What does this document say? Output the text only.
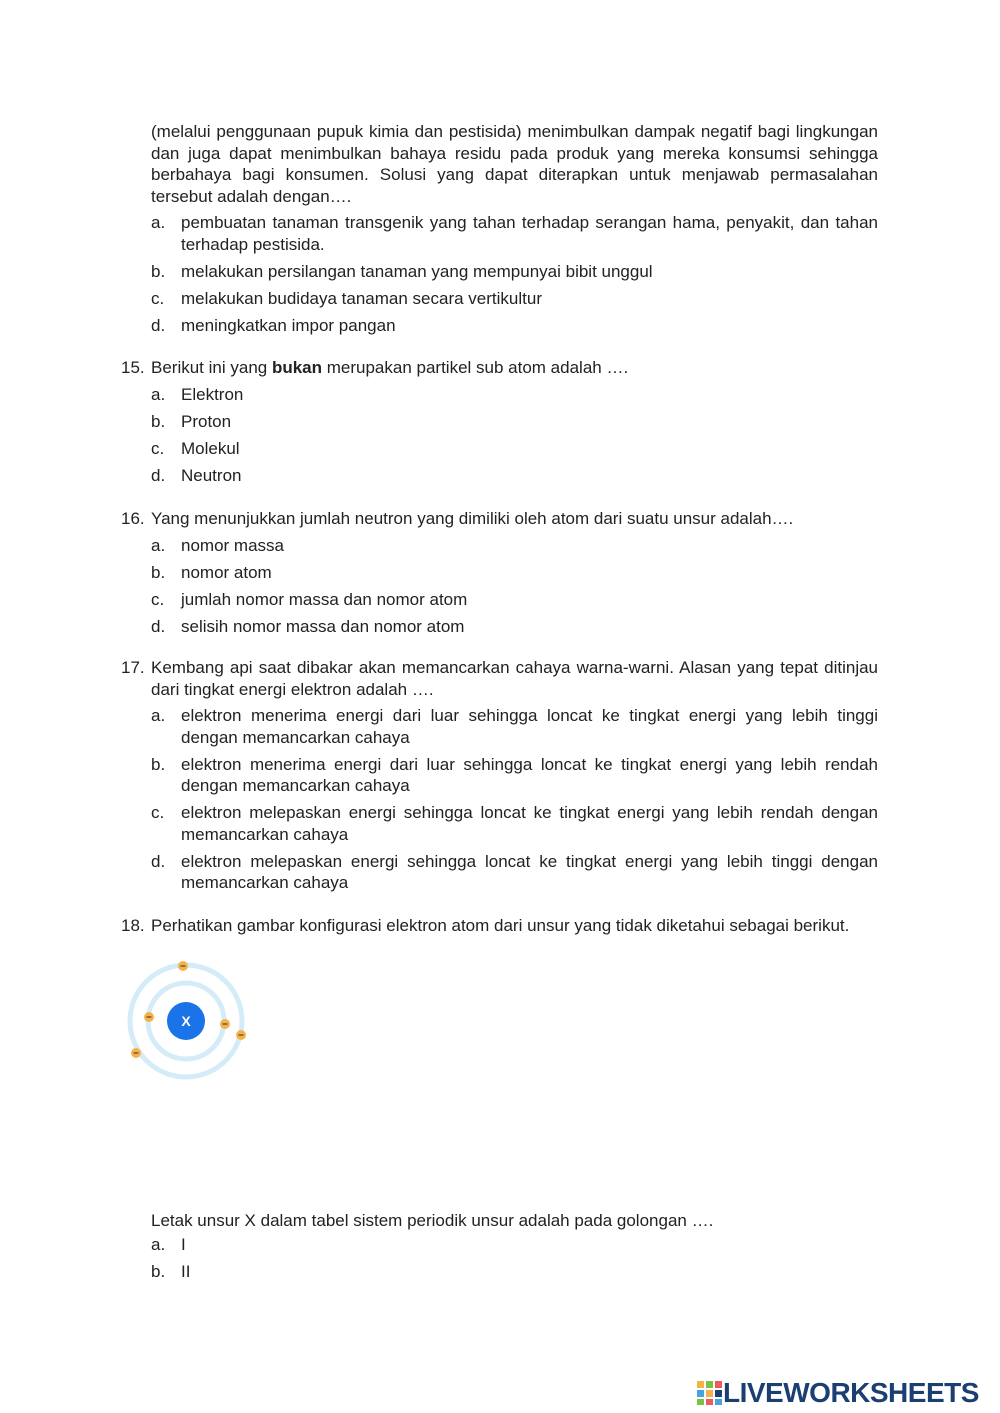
(melalui penggunaan pupuk kimia dan pestisida) menimbulkan dampak negatif bagi lingkungan dan juga dapat menimbulkan bahaya residu pada produk yang mereka konsumsi sehingga berbahaya bagi konsumen. Solusi yang dapat diterapkan untuk menjawab permasalahan tersebut adalah dengan….
a. pembuatan tanaman transgenik yang tahan terhadap serangan hama, penyakit, dan tahan terhadap pestisida.
b. melakukan persilangan tanaman yang mempunyai bibit unggul
c. melakukan budidaya tanaman secara vertikultur
d. meningkatkan impor pangan
15. Berikut ini yang bukan merupakan partikel sub atom adalah ….
a. Elektron
b. Proton
c. Molekul
d. Neutron
16. Yang menunjukkan jumlah neutron yang dimiliki oleh atom dari suatu unsur adalah….
a. nomor massa
b. nomor atom
c. jumlah nomor massa dan nomor atom
d. selisih nomor massa dan nomor atom
17. Kembang api saat dibakar akan memancarkan cahaya warna-warni. Alasan yang tepat ditinjau dari tingkat energi elektron adalah ….
a. elektron menerima energi dari luar sehingga loncat ke tingkat energi yang lebih tinggi dengan memancarkan cahaya
b. elektron menerima energi dari luar sehingga loncat ke tingkat energi yang lebih rendah dengan memancarkan cahaya
c. elektron melepaskan energi sehingga loncat ke tingkat energi yang lebih rendah dengan memancarkan cahaya
d. elektron melepaskan energi sehingga loncat ke tingkat energi yang lebih tinggi dengan memancarkan cahaya
18. Perhatikan gambar konfigurasi elektron atom dari unsur yang tidak diketahui sebagai berikut.
X
Letak unsur X dalam tabel sistem periodik unsur adalah pada golongan ….
a. I
b. II
LIVEWORKSHEETS
